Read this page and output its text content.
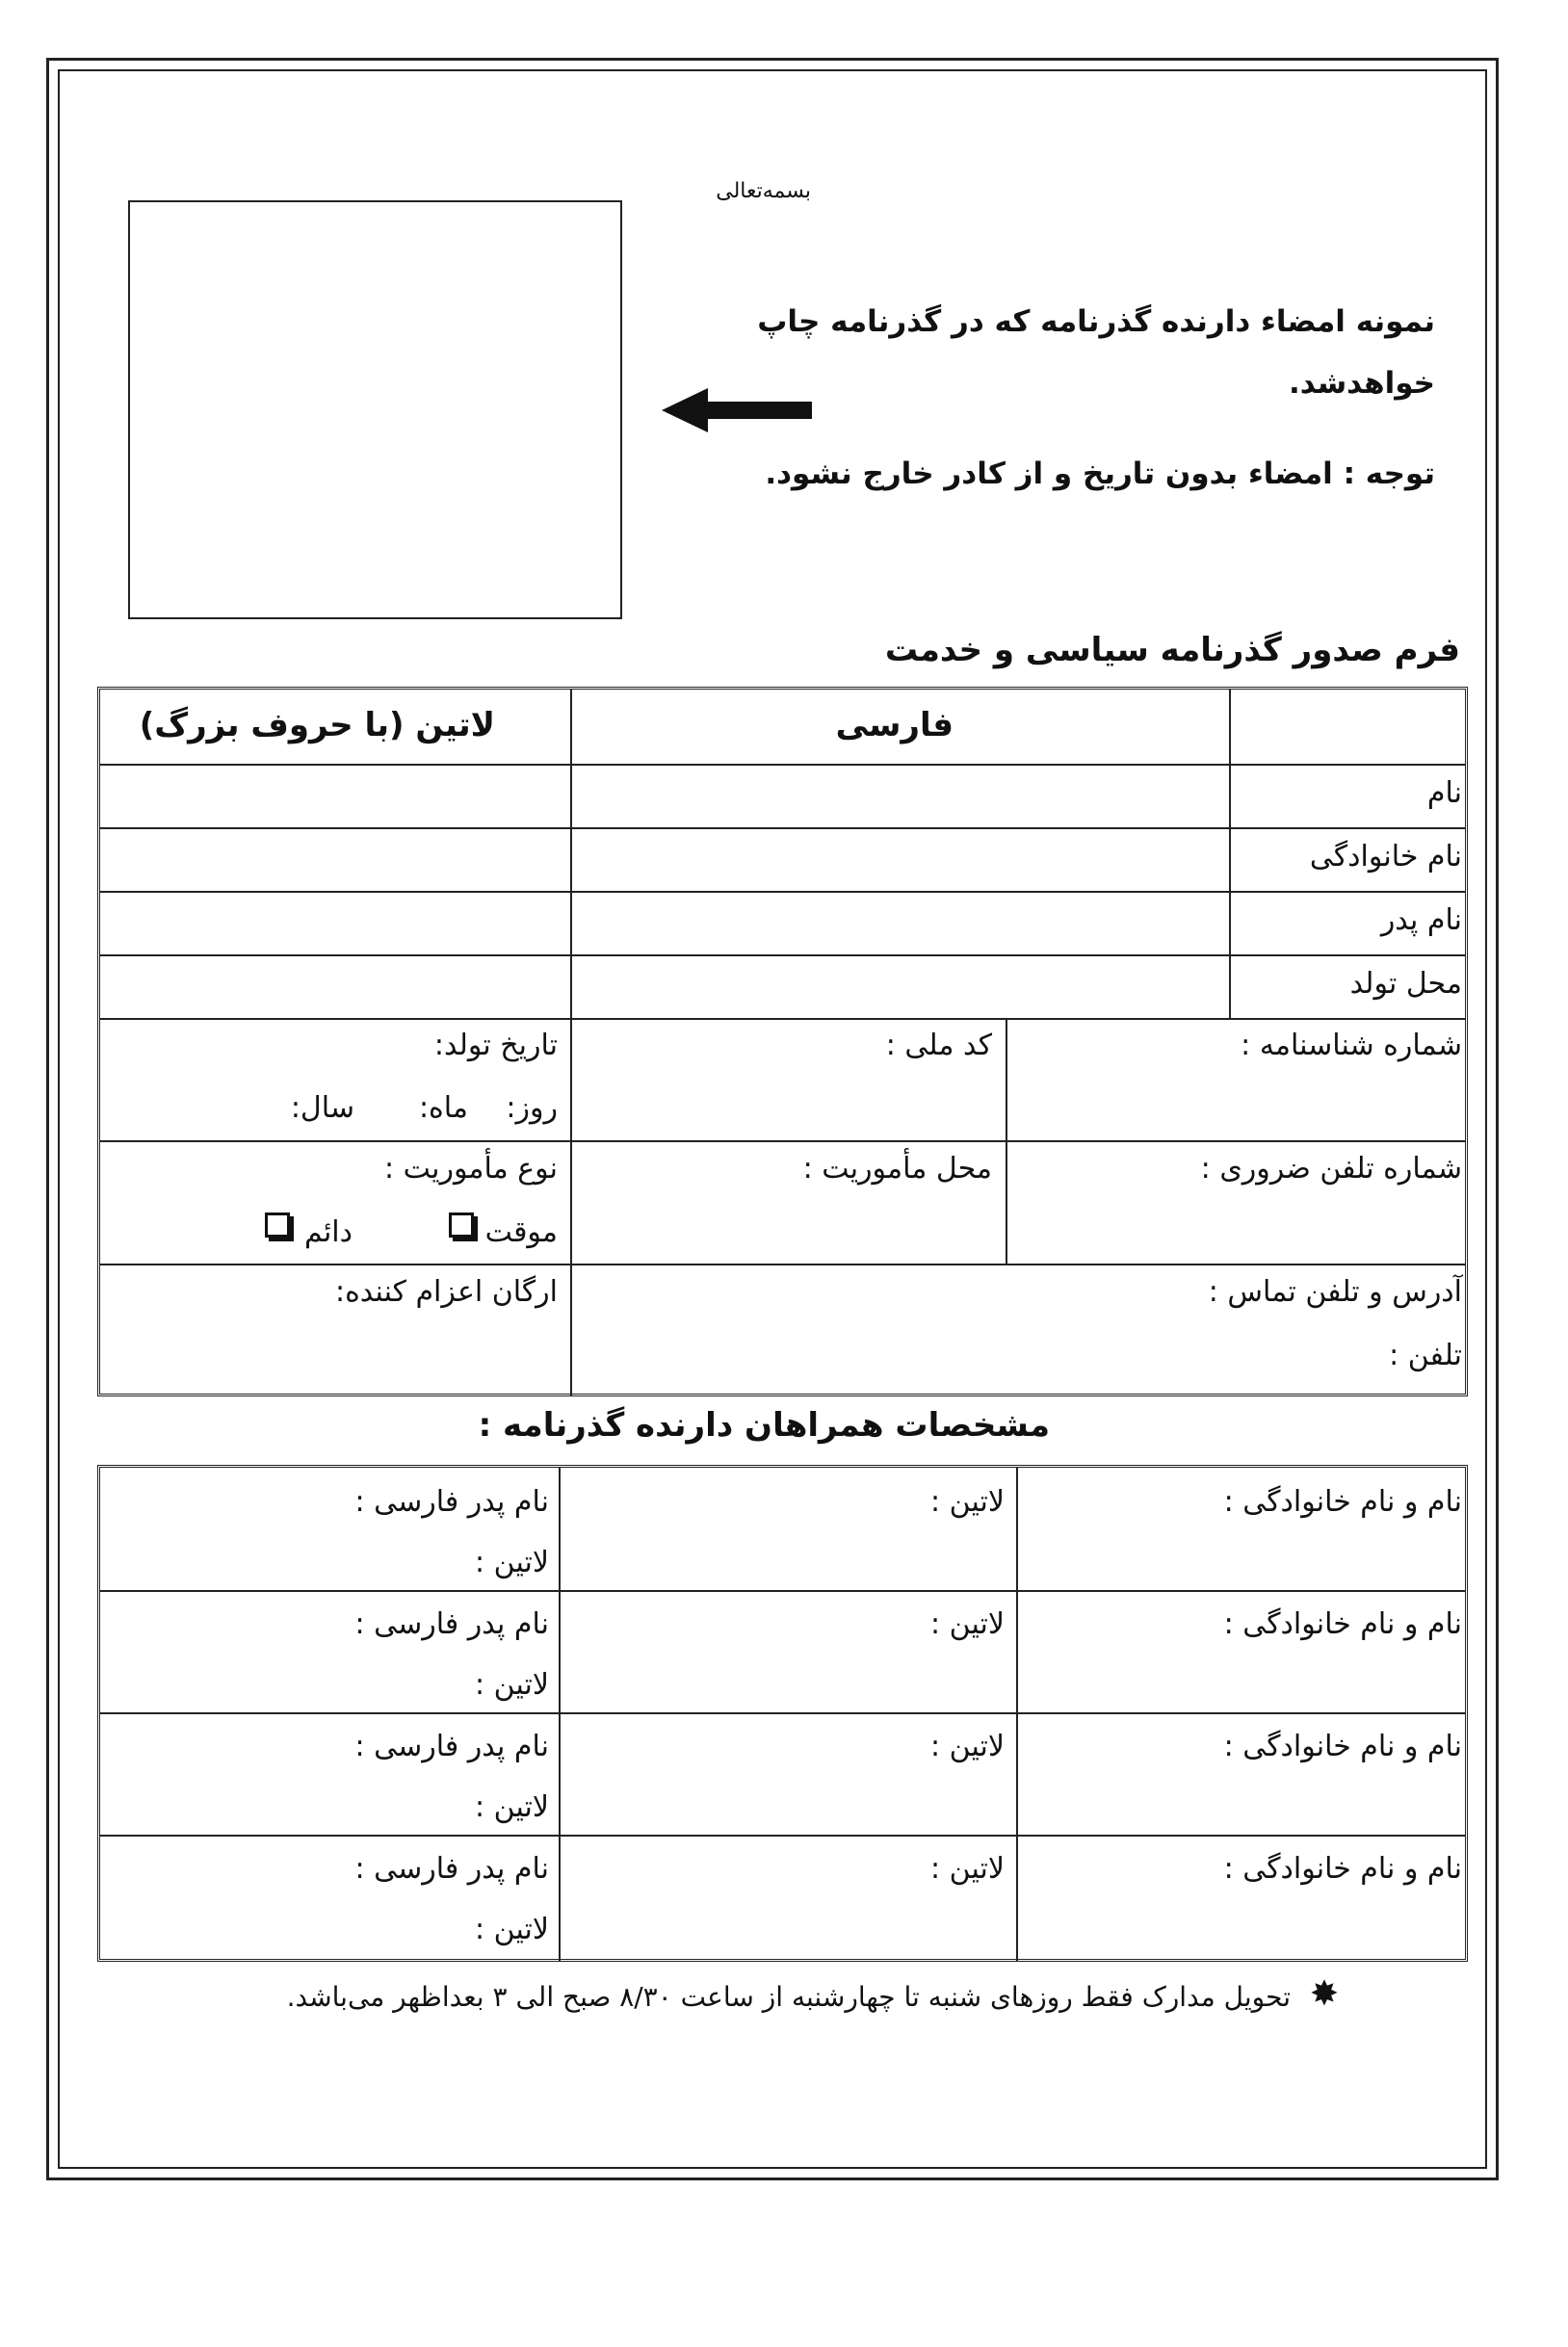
بسمه‌تعالی
نمونه امضاء دارنده گذرنامه که در گذرنامه چاپ
خواهدشد.
توجه : امضاء بدون تاریخ و از کادر خارج نشود.
فرم صدور گذرنامه سیاسی و خدمت
لاتین (با حروف بزرگ)	فارسی
نام
نام خانوادگی
نام پدر
محل تولد
شماره شناسنامه :
کد ملی :
تاریخ تولد:
روز:
ماه:
سال:
شماره تلفن ضروری :
محل مأموریت :
نوع مأموریت :
موقت
دائم
آدرس و تلفن تماس :
تلفن :
ارگان اعزام کننده:
مشخصات همراهان دارنده گذرنامه :
نام و نام خانوادگی :
لاتین :
نام پدر فارسی :
لاتین :
نام و نام خانوادگی :
لاتین :
نام پدر فارسی :
لاتین :
نام و نام خانوادگی :
لاتین :
نام پدر فارسی :
لاتین :
نام و نام خانوادگی :
لاتین :
نام پدر فارسی :
لاتین :
✸
تحویل مدارک فقط روزهای شنبه تا چهارشنبه از ساعت ۸/۳۰ صبح الی ۳ بعداظهر می‌باشد.
